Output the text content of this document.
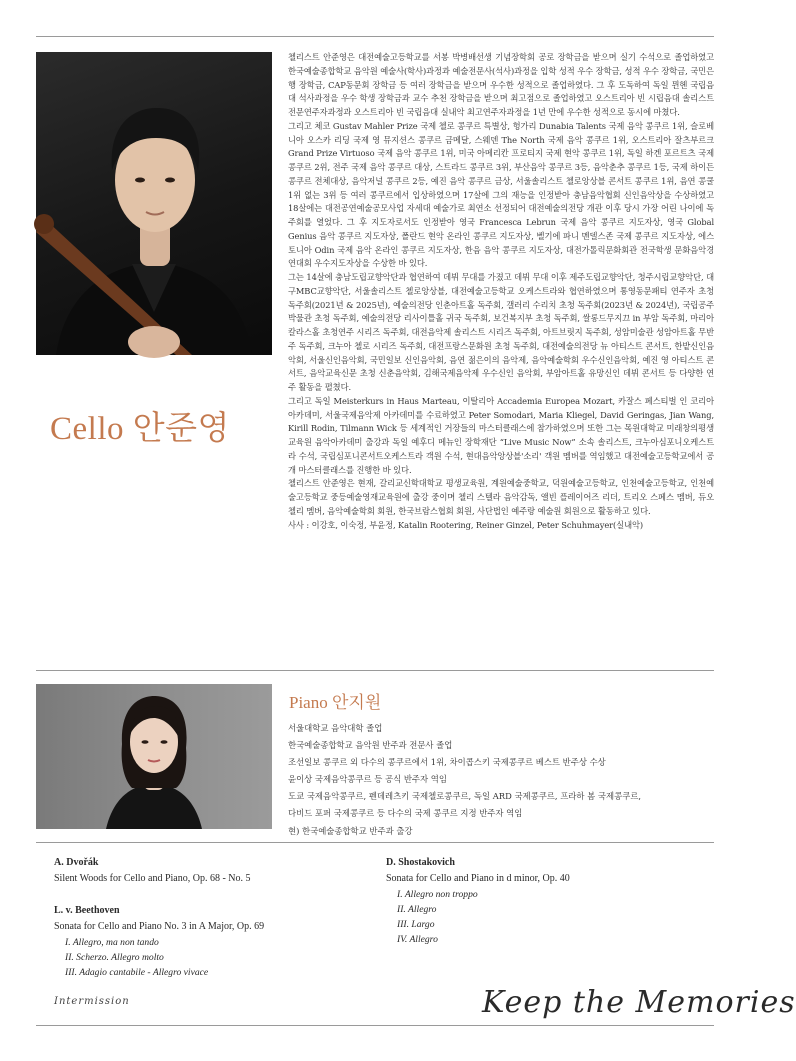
Cello 안준영

첼리스트 안준영은 대전예술고등학교를 서봉 박병배선생 기념장학회 공로 장학금을 받으며 실기 수석으로 졸업하였고 한국예술종합학교 음악원 예술사(학사)과정과 예술전문사(석사)과정을 입학 성적 우수 장학금, 성적 우수 장학금, 국민은행 장학금, CAP동문회 장학금 등 여러 장학금을 받으며 우수한 성적으로 졸업하였다. 그 후 도독하여 독일 뮌헨 국립음대 석사과정을 우수 학생 장학금과 교수 추천 장학금을 받으며 최고점으로 졸업하였고 오스트리아 빈 시립음대 솔리스트 전문연주자과정과 오스트리아 빈 국립음대 실내악 최고연주자과정을 1년 만에 우수한 성적으로 동시에 마쳤다.

그리고 체코 Gustav Mahler Prize 국제 첼로 콩쿠르 특별상, 헝가리 Dunabia Talents 국제 음악 콩쿠르 1위, 슬로베니아 오스카 리딩 국제 영 뮤지션스 콩쿠르 금메달, 스웨덴 The North 국제 음악 콩쿠르 1위, 오스트리아 잘츠부르크 Grand Prize Virtuoso 국제 음악 콩쿠르 1위, 미국 아메리칸 프로티지 국제 현악 콩쿠르 1위, 독일 하겐 포르트츠 국제 콩쿠르 2위, 전주 국제 음악 콩쿠르 대상, 스트라드 콩쿠르 3위, 부산음악 콩쿠르 3등, 음악춘추 콩쿠르 1등, 국제 하이든 콩쿠르 전체대상, 음악저널 콩쿠르 2등, 예진 음악 콩쿠르 금상, 서울솔리스트 첼로앙상블 콘서트 콩쿠르 1위, 음연 콩쿨 1위 없는 3위 등 여러 콩쿠르에서 입상하였으며 17살에 그의 재능을 인정받아 충남음악협회 신인음악상을 수상하였고 18살에는 대전공연예술공모사업 자세대 예술가로 최연소 선정되어 대전예술의전당 개관 이후 당시 가장 어린 나이에 독주회를 열었다. 그 후 지도자로서도 인정받아 영국 Francesca Lebrun 국제 음악 콩쿠르 지도자상, 영국 Global Genius 음악 콩쿠르 지도자상, 폴란드 현악 온라인 콩쿠르 지도자상, 벨기에 파니 멘델스존 국제 콩쿠르 지도자상, 에스토니아 Odin 국제 음악 온라인 콩쿠르 지도자상, 한음 음악 콩쿠르 지도자상, 대전가톨릭문화회관 전국학생 문화음악경연대회 우수지도자상을 수상한 바 있다.

그는 14살에 충남도립교향악단과 협연하여 데뷔 무대를 가졌고 데뷔 무대 이후 제주도립교향악단, 청주시립교향악단, 대구MBC교향악단, 서울솔리스트 첼로앙상블, 대전예술고등학교 오케스트라와 협연하였으며 통영동문패티 연주자 초청 독주회(2021년 & 2025년), 예술의전당 인춘아트홀 독주회, 갤러리 수리치 초청 독주회(2023년 & 2024년), 국립공주박물관 초청 독주회, 예술의전당 리사이틀홀 귀국 독주회, 보건복지부 초청 독주회, 쌀롱드무지끄 in 부암 독주회, 마리아칼라스홀 초청연주 시리즈 독주회, 대전음악제 솔리스트 시리즈 독주회, 아트브릿지 독주회, 성암미술관 성암아트홀 무반주 독주회, 크누아 첼로 시리즈 독주회, 대전프랑스문화원 초청 독주회, 대전예술의전당 뉴 아티스트 콘서트, 한밭신인음악회, 서울신인음악회, 국민일보 신인음악회, 음연 젊은이의 음악제, 음악예술학회 우수신인음악회, 예진 영 아티스트 콘서트, 음악교육신문 초청 신춘음악회, 김해국제음악제 우수신인 음악회, 부암아트홀 유망신인 데뷔 콘서트 등 다양한 연주 활동을 펼쳤다.

그리고 독일 Meisterkurs in Haus Marteau, 이탈리아 Accademia Europea Mozart, 카잘스 페스티벌 인 코리아 아카데미, 서울국제음악제 아카데미를 수료하였고 Peter Somodari, Maria Kliegel, David Geringas, Jian Wang, Kirill Rodin, Tilmann Wick 등 세계적인 거장들의 마스터클래스에 참가하였으며 또한 그는 목원대학교 미래창의평생교육원 음악아카데미 출강과 독일 예후디 메뉴인 장학재단 “Live Music Now” 소속 솔리스트, 크누아심포니오케스트라 수석, 국립심포니콘서트오케스트라 객원 수석, 현대음악앙상블'소리' 객원 멤버를 역임했고 대전예술고등학교에서 공개 마스터클래스를 진행한 바 있다.

첼리스트 안준영은 현재, 갈리교신학대학교 평생교육원, 계원예술중학교, 덕원예술고등학교, 인천예술고등학교, 인천예술고등학교 중등예술영재교육원에 출강 중이며 첼리 스텔라 음악감독, 앨빈 플레이어즈 리더, 트리오 스페스 멤버, 듀오 첼리 멤버, 음악예술학회 회원, 한국브람스협회 회원, 사단법인 예주랑 예술원 회원으로 활동하고 있다.

사사 : 이강호, 이숙정, 부윤정, Katalin Rootering, Reiner Ginzel, Peter Schuhmayer(실내악)

Piano 안지원
서울대학교 음악대학 졸업
한국예술종합학교 음악원 반주과 전문사 졸업
조선일보 콩쿠르 외 다수의 콩쿠르에서 1위, 차이콥스키 국제콩쿠르 베스트 반주상 수상
윤이상 국제음악콩쿠르 등 공식 반주자 역임
도쿄 국제음악콩쿠르, 펜데레츠키 국제첼로콩쿠르, 독일 ARD 국제콩쿠르, 프라하 봄 국제콩쿠르,
다비드 포퍼 국제콩쿠르 등 다수의 국제 콩쿠르 지정 반주자 역임
현) 한국예술종합학교 반주과 출강
A. Dvořák
Silent Woods for Cello and Piano, Op. 68 - No. 5
L. v. Beethoven
Sonata for Cello and Piano No. 3 in A Major, Op. 69
I. Allegro, ma non tando
II. Scherzo. Allegro molto
III. Adagio cantabile - Allegro vivace
D. Shostakovich
Sonata for Cello and Piano in d minor, Op. 40
I. Allegro non troppo
II. Allegro
III. Largo
IV. Allegro
Intermission	Keep the Memories
